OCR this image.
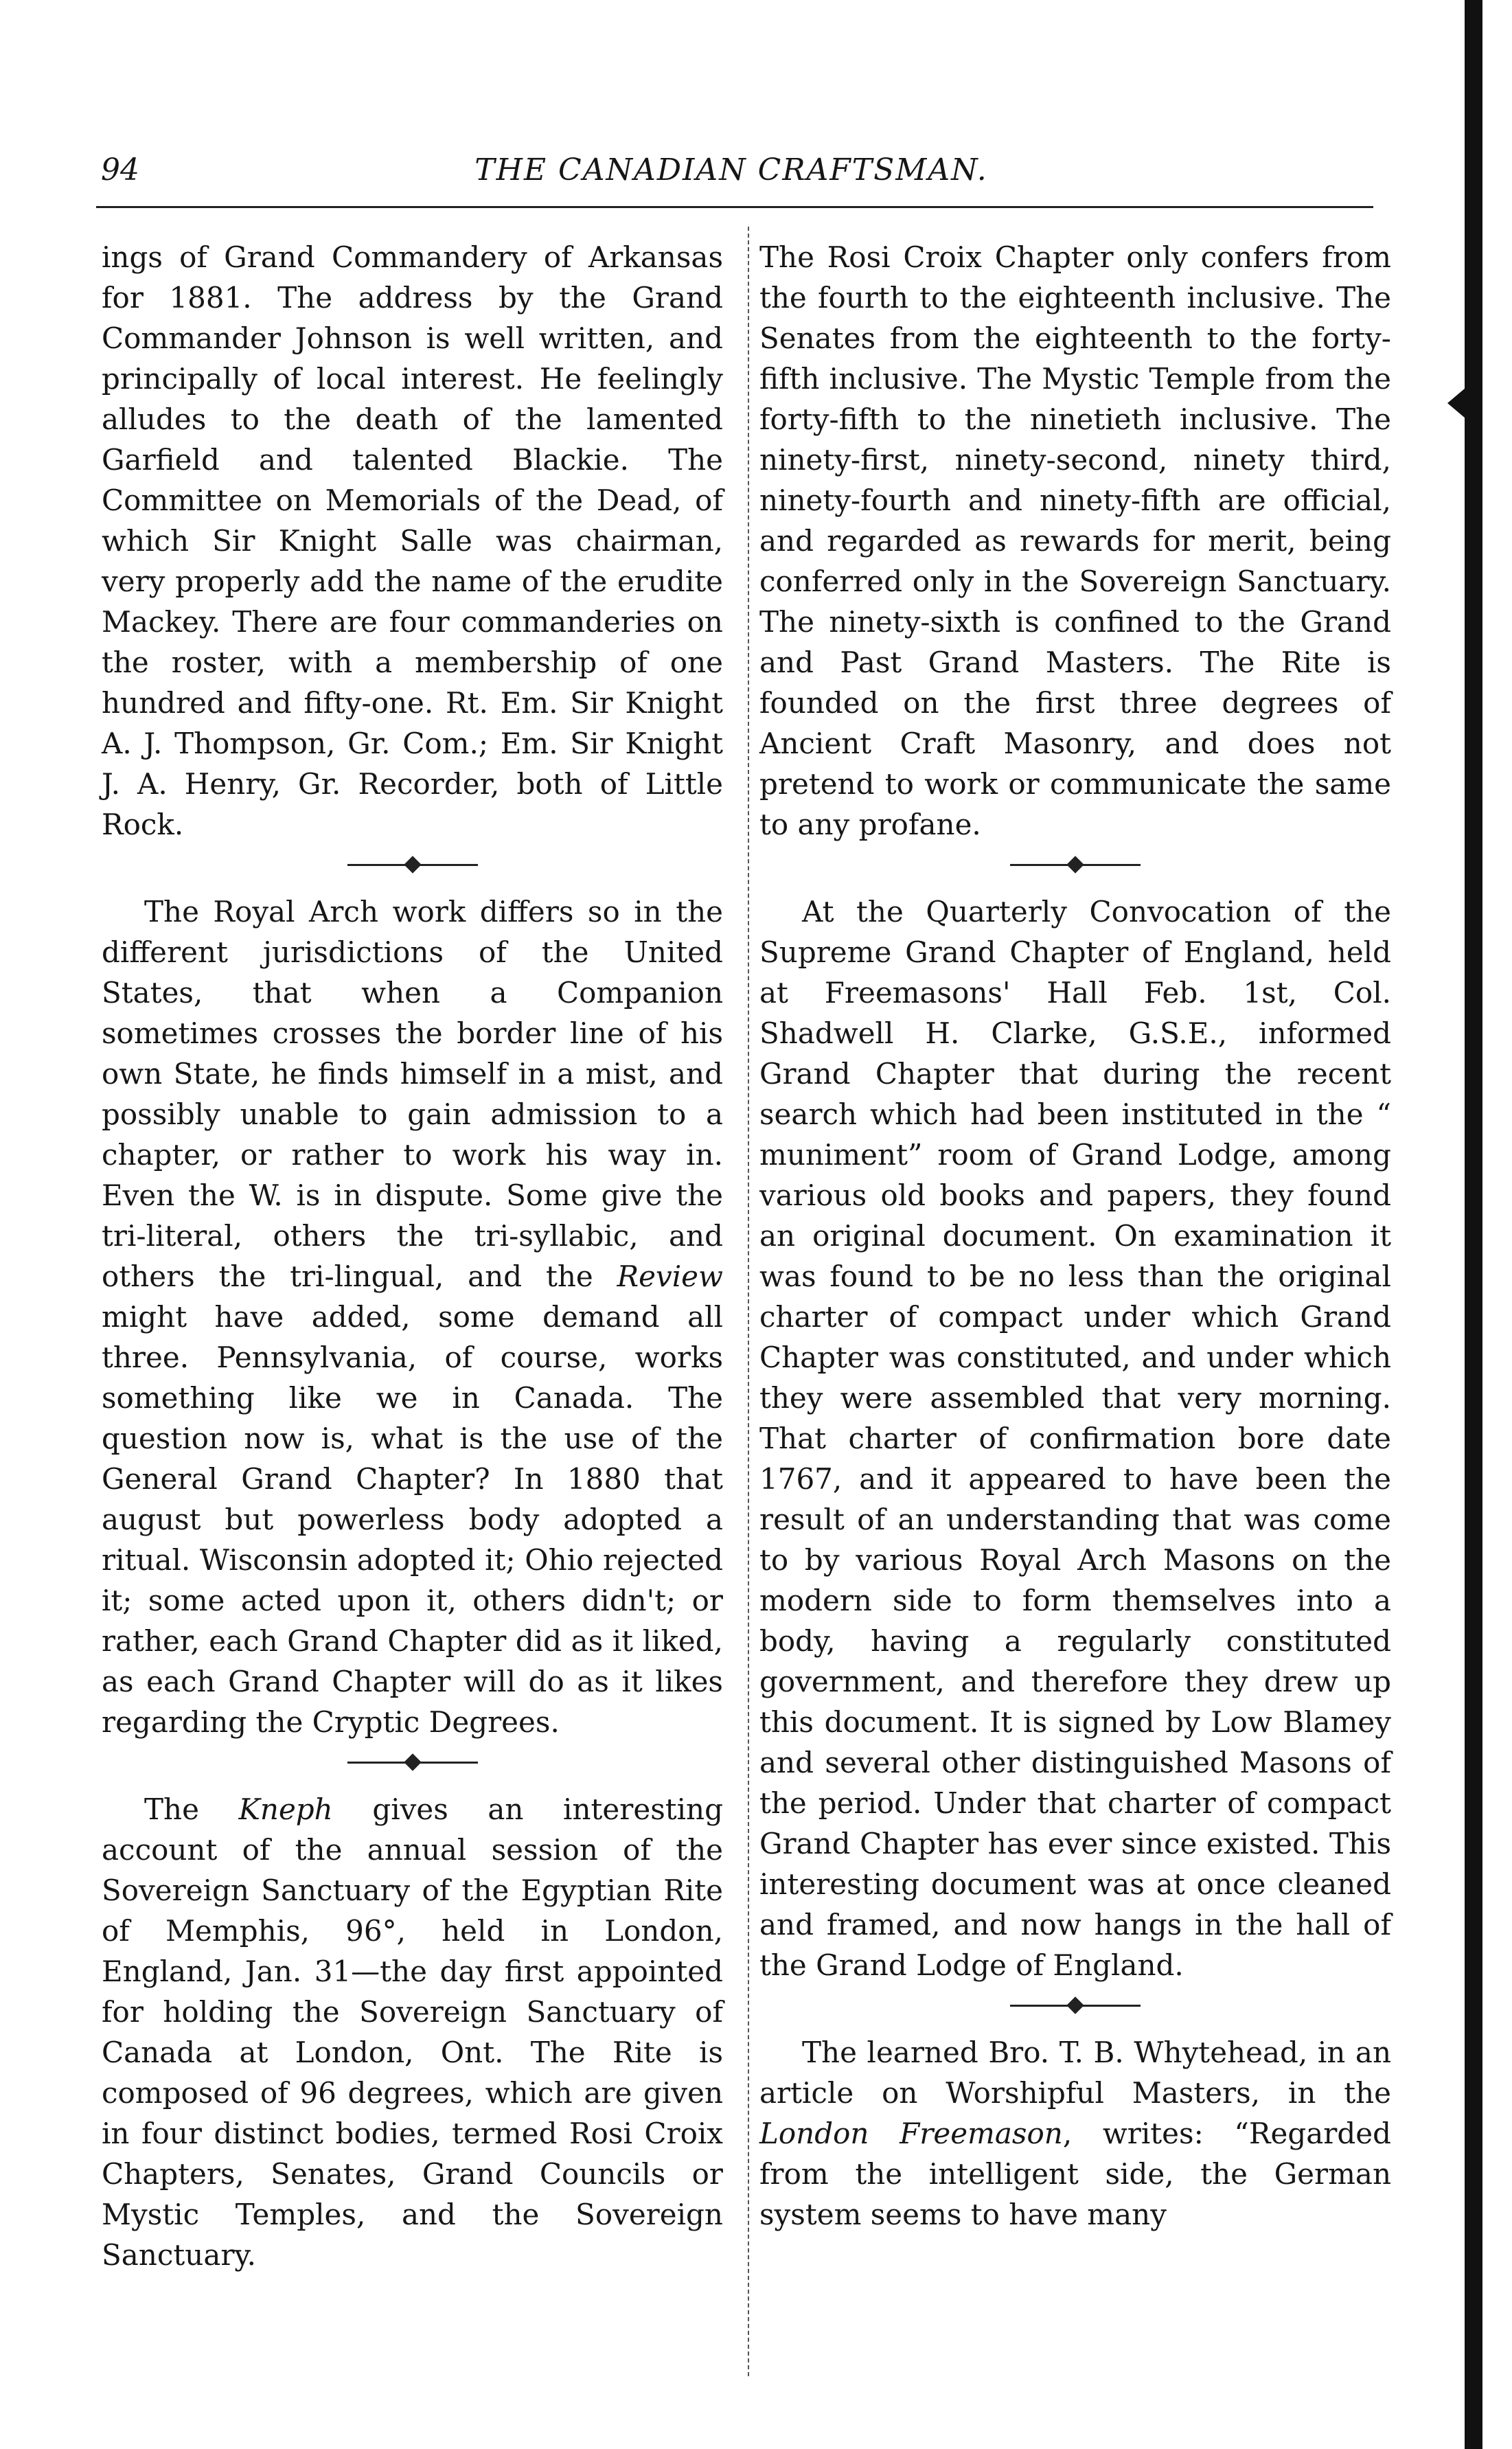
94	THE CANADIAN CRAFTSMAN.

ings of Grand Commandery of Arkansas for 1881. The address by the Grand Commander Johnson is well written, and principally of local interest. He feelingly alludes to the death of the lamented Garfield and talented Blackie. The Committee on Memorials of the Dead, of which Sir Knight Salle was chairman, very properly add the name of the erudite Mackey. There are four commanderies on the roster, with a membership of one hundred and fifty-one. Rt. Em. Sir Knight A. J. Thompson, Gr. Com.; Em. Sir Knight J. A. Henry, Gr. Recorder, both of Little Rock.

The Royal Arch work differs so in the different jurisdictions of the United States, that when a Companion sometimes crosses the border line of his own State, he finds himself in a mist, and possibly unable to gain admission to a chapter, or rather to work his way in. Even the W. is in dispute. Some give the tri-literal, others the tri-syllabic, and others the tri-lingual, and the Review might have added, some demand all three. Pennsylvania, of course, works something like we in Canada. The question now is, what is the use of the General Grand Chapter? In 1880 that august but powerless body adopted a ritual. Wisconsin adopted it; Ohio rejected it; some acted upon it, others didn't; or rather, each Grand Chapter did as it liked, as each Grand Chapter will do as it likes regarding the Cryptic Degrees.

The Kneph gives an interesting account of the annual session of the Sovereign Sanctuary of the Egyptian Rite of Memphis, 96°, held in London, England, Jan. 31—the day first appointed for holding the Sovereign Sanctuary of Canada at London, Ont. The Rite is composed of 96 degrees, which are given in four distinct bodies, termed Rosi Croix Chapters, Senates, Grand Councils or Mystic Temples, and the Sovereign Sanctuary.

The Rosi Croix Chapter only confers from the fourth to the eighteenth inclusive. The Senates from the eighteenth to the forty-fifth inclusive. The Mystic Temple from the forty-fifth to the ninetieth inclusive. The ninety-first, ninety-second, ninety third, ninety-fourth and ninety-fifth are official, and regarded as rewards for merit, being conferred only in the Sovereign Sanctuary. The ninety-sixth is confined to the Grand and Past Grand Masters. The Rite is founded on the first three degrees of Ancient Craft Masonry, and does not pretend to work or communicate the same to any profane.

At the Quarterly Convocation of the Supreme Grand Chapter of England, held at Freemasons' Hall Feb. 1st, Col. Shadwell H. Clarke, G.S.E., informed Grand Chapter that during the recent search which had been instituted in the “ muniment” room of Grand Lodge, among various old books and papers, they found an original document. On examination it was found to be no less than the original charter of compact under which Grand Chapter was constituted, and under which they were assembled that very morning. That charter of confirmation bore date 1767, and it appeared to have been the result of an understanding that was come to by various Royal Arch Masons on the modern side to form themselves into a body, having a regularly constituted government, and therefore they drew up this document. It is signed by Low Blamey and several other distinguished Masons of the period. Under that charter of compact Grand Chapter has ever since existed. This interesting document was at once cleaned and framed, and now hangs in the hall of the Grand Lodge of England.

The learned Bro. T. B. Whytehead, in an article on Worshipful Masters, in the London Freemason, writes: “Regarded from the intelligent side, the German system seems to have many
